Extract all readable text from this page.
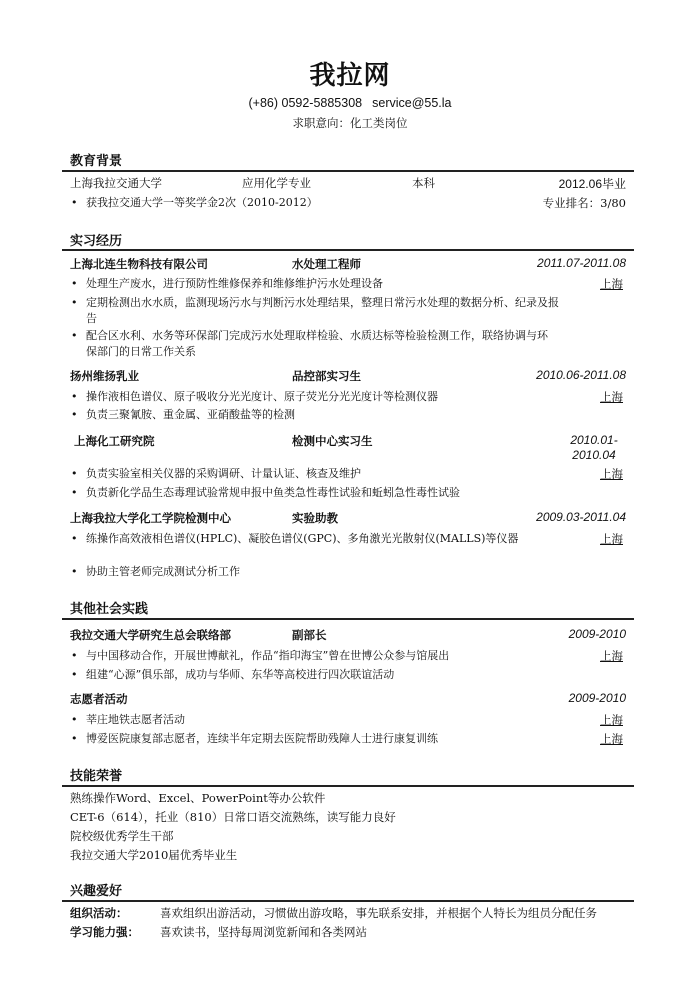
我拉网
(+86) 0592-5885308 service@55.la
求职意向：化工类岗位
教育背景
上海我拉交通大学	应用化学专业	本科	2012.06毕业
• 获我拉交通大学一等奖学金2次（2010-2012）	专业排名：3/80
实习经历
上海北连生物科技有限公司	水处理工程师	2011.07-2011.08
• 处理生产废水，进行预防性维修保养和维修维护污水处理设备	上海
• 定期检测出水水质，监测现场污水与判断污水处理结果，整理日常污水处理的数据分析、纪录及报告
• 配合区水利、水务等环保部门完成污水处理取样检验、水质达标等检验检测工作，联络协调与环保部门的日常工作关系
扬州维扬乳业	品控部实习生	2010.06-2011.08
• 操作液相色谱仪、原子吸收分光光度计、原子荧光分光光度计等检测仪器	上海
• 负责三聚氰胺、重金属、亚硝酸盐等的检测
上海化工研究院	检测中心实习生	2010.01-2010.04
• 负责实验室相关仪器的采购调研、计量认证、核查及维护	上海
• 负责新化学品生态毒理试验常规申报中鱼类急性毒性试验和蚯蚓急性毒性试验
上海我拉大学化工学院检测中心	实验助教	2009.03-2011.04
• 练操作高效液相色谱仪(HPLC)、凝胶色谱仪(GPC)、多角激光光散射仪(MALLS)等仪器	上海
• 协助主管老师完成测试分析工作
其他社会实践
我拉交通大学研究生总会联络部	副部长	2009-2010
• 与中国移动合作，开展世博献礼，作品“指印海宝”曾在世博公众参与馆展出	上海
• 组建“心源”俱乐部，成功与华师、东华等高校进行四次联谊活动
志愿者活动	2009-2010
• 莘庄地铁志愿者活动	上海
• 博爱医院康复部志愿者，连续半年定期去医院帮助残障人士进行康复训练	上海
技能荣誉
熟练操作Word、Excel、PowerPoint等办公软件
CET-6（614），托业（810）日常口语交流熟练，读写能力良好
院校级优秀学生干部
我拉交通大学2010届优秀毕业生
兴趣爱好
组织活动：	喜欢组织出游活动，习惯做出游攻略，事先联系安排，并根据个人特长为组员分配任务
学习能力强： 喜欢读书，坚持每周浏览新闻和各类网站
